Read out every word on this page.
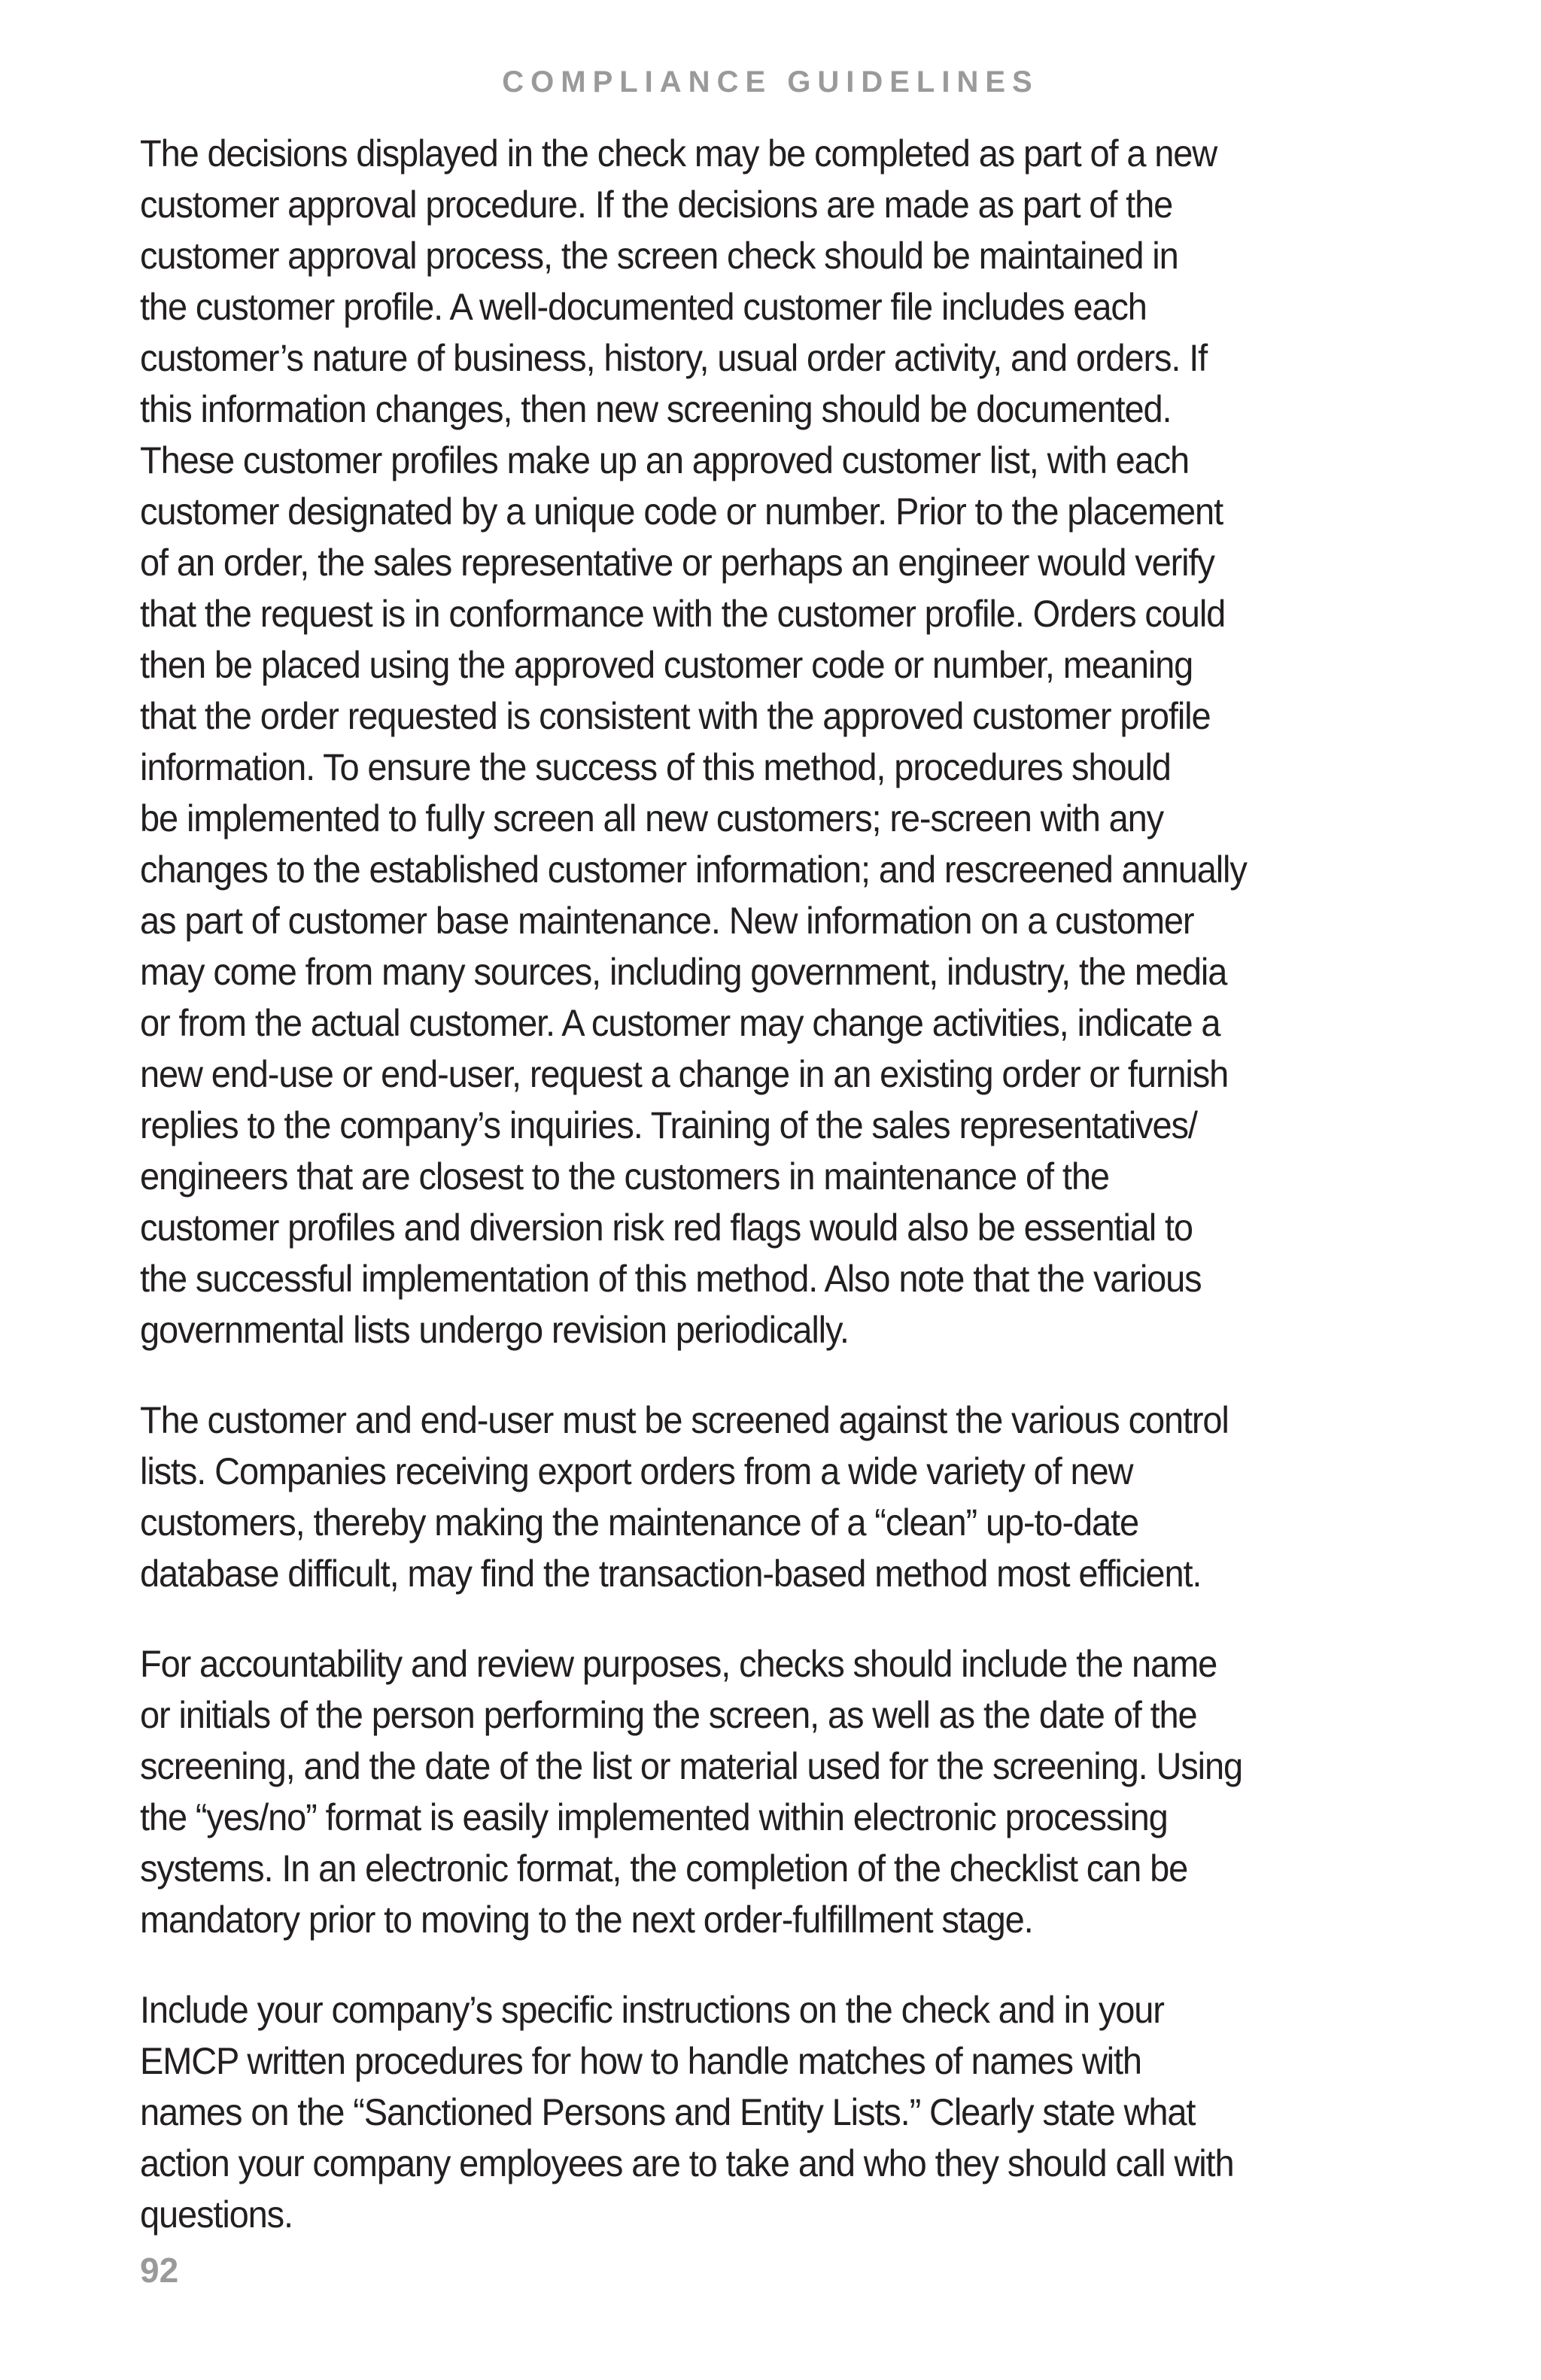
COMPLIANCE GUIDELINES

The decisions displayed in the check may be completed as part of a new
customer approval procedure. If the decisions are made as part of the
customer approval process, the screen check should be maintained in
the customer profile. A well-documented customer file includes each
customer’s nature of business, history, usual order activity, and orders. If
this information changes, then new screening should be documented.
These customer profiles make up an approved customer list, with each
customer designated by a unique code or number. Prior to the placement
of an order, the sales representative or perhaps an engineer would verify
that the request is in conformance with the customer profile. Orders could
then be placed using the approved customer code or number, meaning
that the order requested is consistent with the approved customer profile
information. To ensure the success of this method, procedures should
be implemented to fully screen all new customers; re-screen with any
changes to the established customer information; and rescreened annually
as part of customer base maintenance. New information on a customer
may come from many sources, including government, industry, the media
or from the actual customer. A customer may change activities, indicate a
new end-use or end-user, request a change in an existing order or furnish
replies to the company’s inquiries. Training of the sales representatives/
engineers that are closest to the customers in maintenance of the
customer profiles and diversion risk red flags would also be essential to
the successful implementation of this method. Also note that the various
governmental lists undergo revision periodically.

The customer and end-user must be screened against the various control
lists. Companies receiving export orders from a wide variety of new
customers, thereby making the maintenance of a “clean” up-to-date
database difficult, may find the transaction-based method most efficient.

For accountability and review purposes, checks should include the name
or initials of the person performing the screen, as well as the date of the
screening, and the date of the list or material used for the screening. Using
the “yes/no” format is easily implemented within electronic processing
systems. In an electronic format, the completion of the checklist can be
mandatory prior to moving to the next order-fulfillment stage.

Include your company’s specific instructions on the check and in your
EMCP written procedures for how to handle matches of names with
names on the “Sanctioned Persons and Entity Lists.” Clearly state what
action your company employees are to take and who they should call with
questions.

92
